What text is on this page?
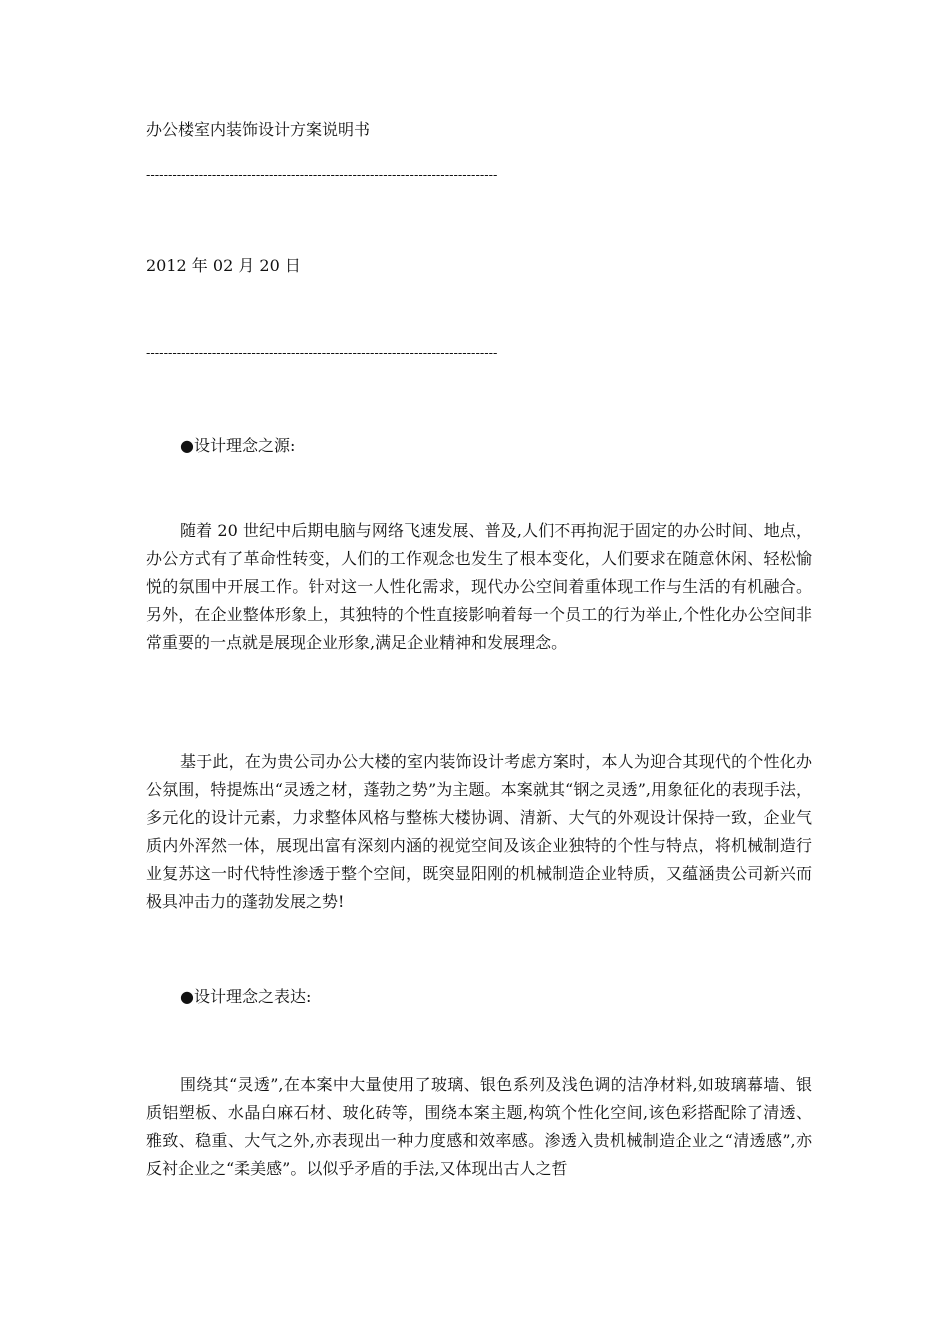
办公楼室内装饰设计方案说明书
--------------------------------------------------------------------------------
2012 年 02 月 20 日
--------------------------------------------------------------------------------
●设计理念之源:
随着 20 世纪中后期电脑与网络飞速发展、普及,人们不再拘泥于固定的办公时间、地点，办公方式有了革命性转变，人们的工作观念也发生了根本变化，人们要求在随意休闲、轻松愉悦的氛围中开展工作。针对这一人性化需求，现代办公空间着重体现工作与生活的有机融合。另外，在企业整体形象上，其独特的个性直接影响着每一个员工的行为举止,个性化办公空间非常重要的一点就是展现企业形象,满足企业精神和发展理念。
基于此，在为贵公司办公大楼的室内装饰设计考虑方案时，本人为迎合其现代的个性化办公氛围，特提炼出“灵透之材，蓬勃之势”为主题。本案就其“钢之灵透”,用象征化的表现手法，多元化的设计元素，力求整体风格与整栋大楼协调、清新、大气的外观设计保持一致，企业气质内外浑然一体，展现出富有深刻内涵的视觉空间及该企业独特的个性与特点，将机械制造行业复苏这一时代特性渗透于整个空间，既突显阳刚的机械制造企业特质，又蕴涵贵公司新兴而极具冲击力的蓬勃发展之势!
●设计理念之表达:
围绕其“灵透”,在本案中大量使用了玻璃、银色系列及浅色调的洁净材料,如玻璃幕墙、银质铝塑板、水晶白麻石材、玻化砖等，围绕本案主题,构筑个性化空间,该色彩搭配除了清透、雅致、稳重、大气之外,亦表现出一种力度感和效率感。渗透入贵机械制造企业之“清透感”,亦反衬企业之“柔美感”。以似乎矛盾的手法,又体现出古人之哲
